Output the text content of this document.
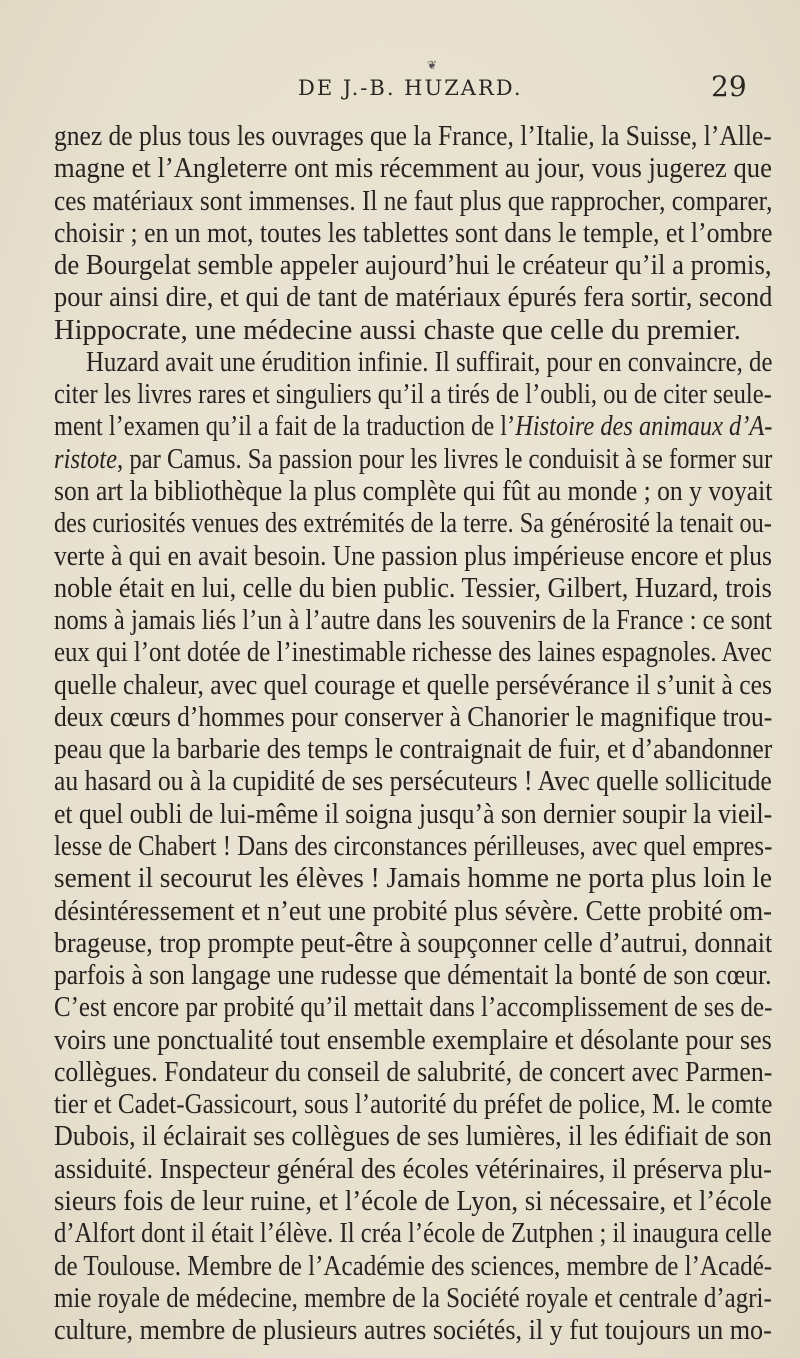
❦
DE J.-B. HUZARD.	29
gnez de plus tous les ouvrages que la France, l’Italie, la Suisse, l’Alle-
magne et l’Angleterre ont mis récemment au jour, vous jugerez que
ces matériaux sont immenses. Il ne faut plus que rapprocher, comparer,
choisir ; en un mot, toutes les tablettes sont dans le temple, et l’ombre
de Bourgelat semble appeler aujourd’hui le créateur qu’il a promis,
pour ainsi dire, et qui de tant de matériaux épurés fera sortir, second
Hippocrate, une médecine aussi chaste que celle du premier.
Huzard avait une érudition infinie. Il suffirait, pour en convaincre, de
citer les livres rares et singuliers qu’il a tirés de l’oubli, ou de citer seule-
ment l’examen qu’il a fait de la traduction de l’Histoire des animaux d’A-
ristote, par Camus. Sa passion pour les livres le conduisit à se former sur
son art la bibliothèque la plus complète qui fût au monde ; on y voyait
des curiosités venues des extrémités de la terre. Sa générosité la tenait ou-
verte à qui en avait besoin. Une passion plus impérieuse encore et plus
noble était en lui, celle du bien public. Tessier, Gilbert, Huzard, trois
noms à jamais liés l’un à l’autre dans les souvenirs de la France : ce sont
eux qui l’ont dotée de l’inestimable richesse des laines espagnoles. Avec
quelle chaleur, avec quel courage et quelle persévérance il s’unit à ces
deux cœurs d’hommes pour conserver à Chanorier le magnifique trou-
peau que la barbarie des temps le contraignait de fuir, et d’abandonner
au hasard ou à la cupidité de ses persécuteurs ! Avec quelle sollicitude
et quel oubli de lui-même il soigna jusqu’à son dernier soupir la vieil-
lesse de Chabert ! Dans des circonstances périlleuses, avec quel empres-
sement il secourut les élèves ! Jamais homme ne porta plus loin le
désintéressement et n’eut une probité plus sévère. Cette probité om-
brageuse, trop prompte peut-être à soupçonner celle d’autrui, donnait
parfois à son langage une rudesse que démentait la bonté de son cœur.
C’est encore par probité qu’il mettait dans l’accomplissement de ses de-
voirs une ponctualité tout ensemble exemplaire et désolante pour ses
collègues. Fondateur du conseil de salubrité, de concert avec Parmen-
tier et Cadet-Gassicourt, sous l’autorité du préfet de police, M. le comte
Dubois, il éclairait ses collègues de ses lumières, il les édifiait de son
assiduité. Inspecteur général des écoles vétérinaires, il préserva plu-
sieurs fois de leur ruine, et l’école de Lyon, si nécessaire, et l’école
d’Alfort dont il était l’élève. Il créa l’école de Zutphen ; il inaugura celle
de Toulouse. Membre de l’Académie des sciences, membre de l’Acadé-
mie royale de médecine, membre de la Société royale et centrale d’agri-
culture, membre de plusieurs autres sociétés, il y fut toujours un mo-
